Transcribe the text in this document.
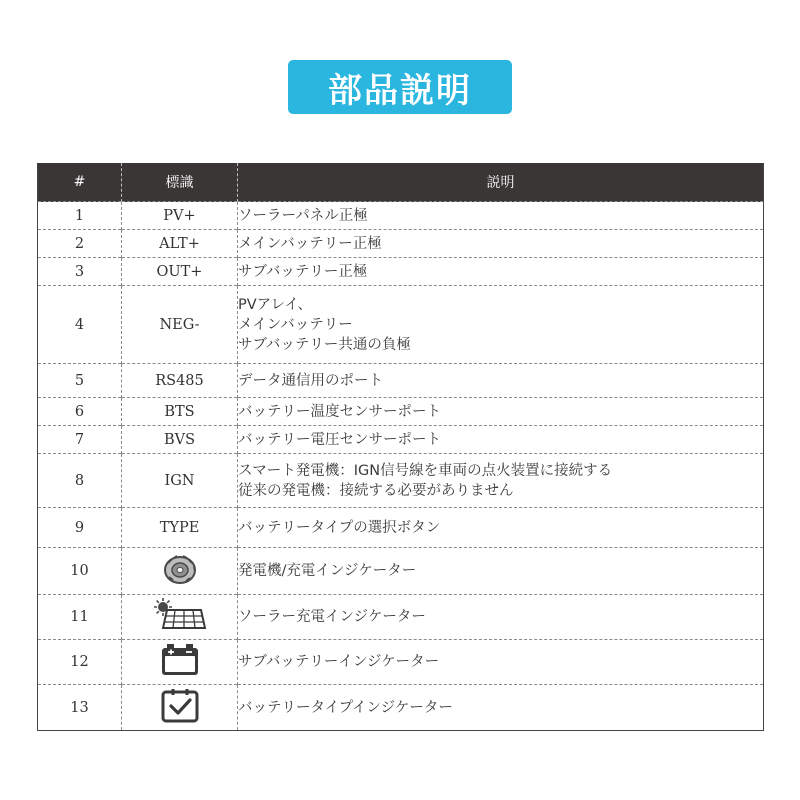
部品説明
#	標識	説明
1	PV+	ソーラーパネル正極

2	ALT+	メインバッテリー正極

3	OUT+	サブバッテリー正極

4	NEG-	PVアレイ、
メインバッテリー
サブバッテリー共通の負極

5	RS485	データ通信用のポート

6	BTS	バッテリー温度センサーポート

7	BVS	バッテリー電圧センサーポート

8	IGN	スマート発電機：IGN信号線を車両の点火装置に接続する
従来の発電機：接続する必要がありません

9	TYPE	バッテリータイプの選択ボタン

10		発電機/充電インジケーター

11		ソーラー充電インジケーター

12		サブバッテリーインジケーター

13		バッテリータイプインジケーター
